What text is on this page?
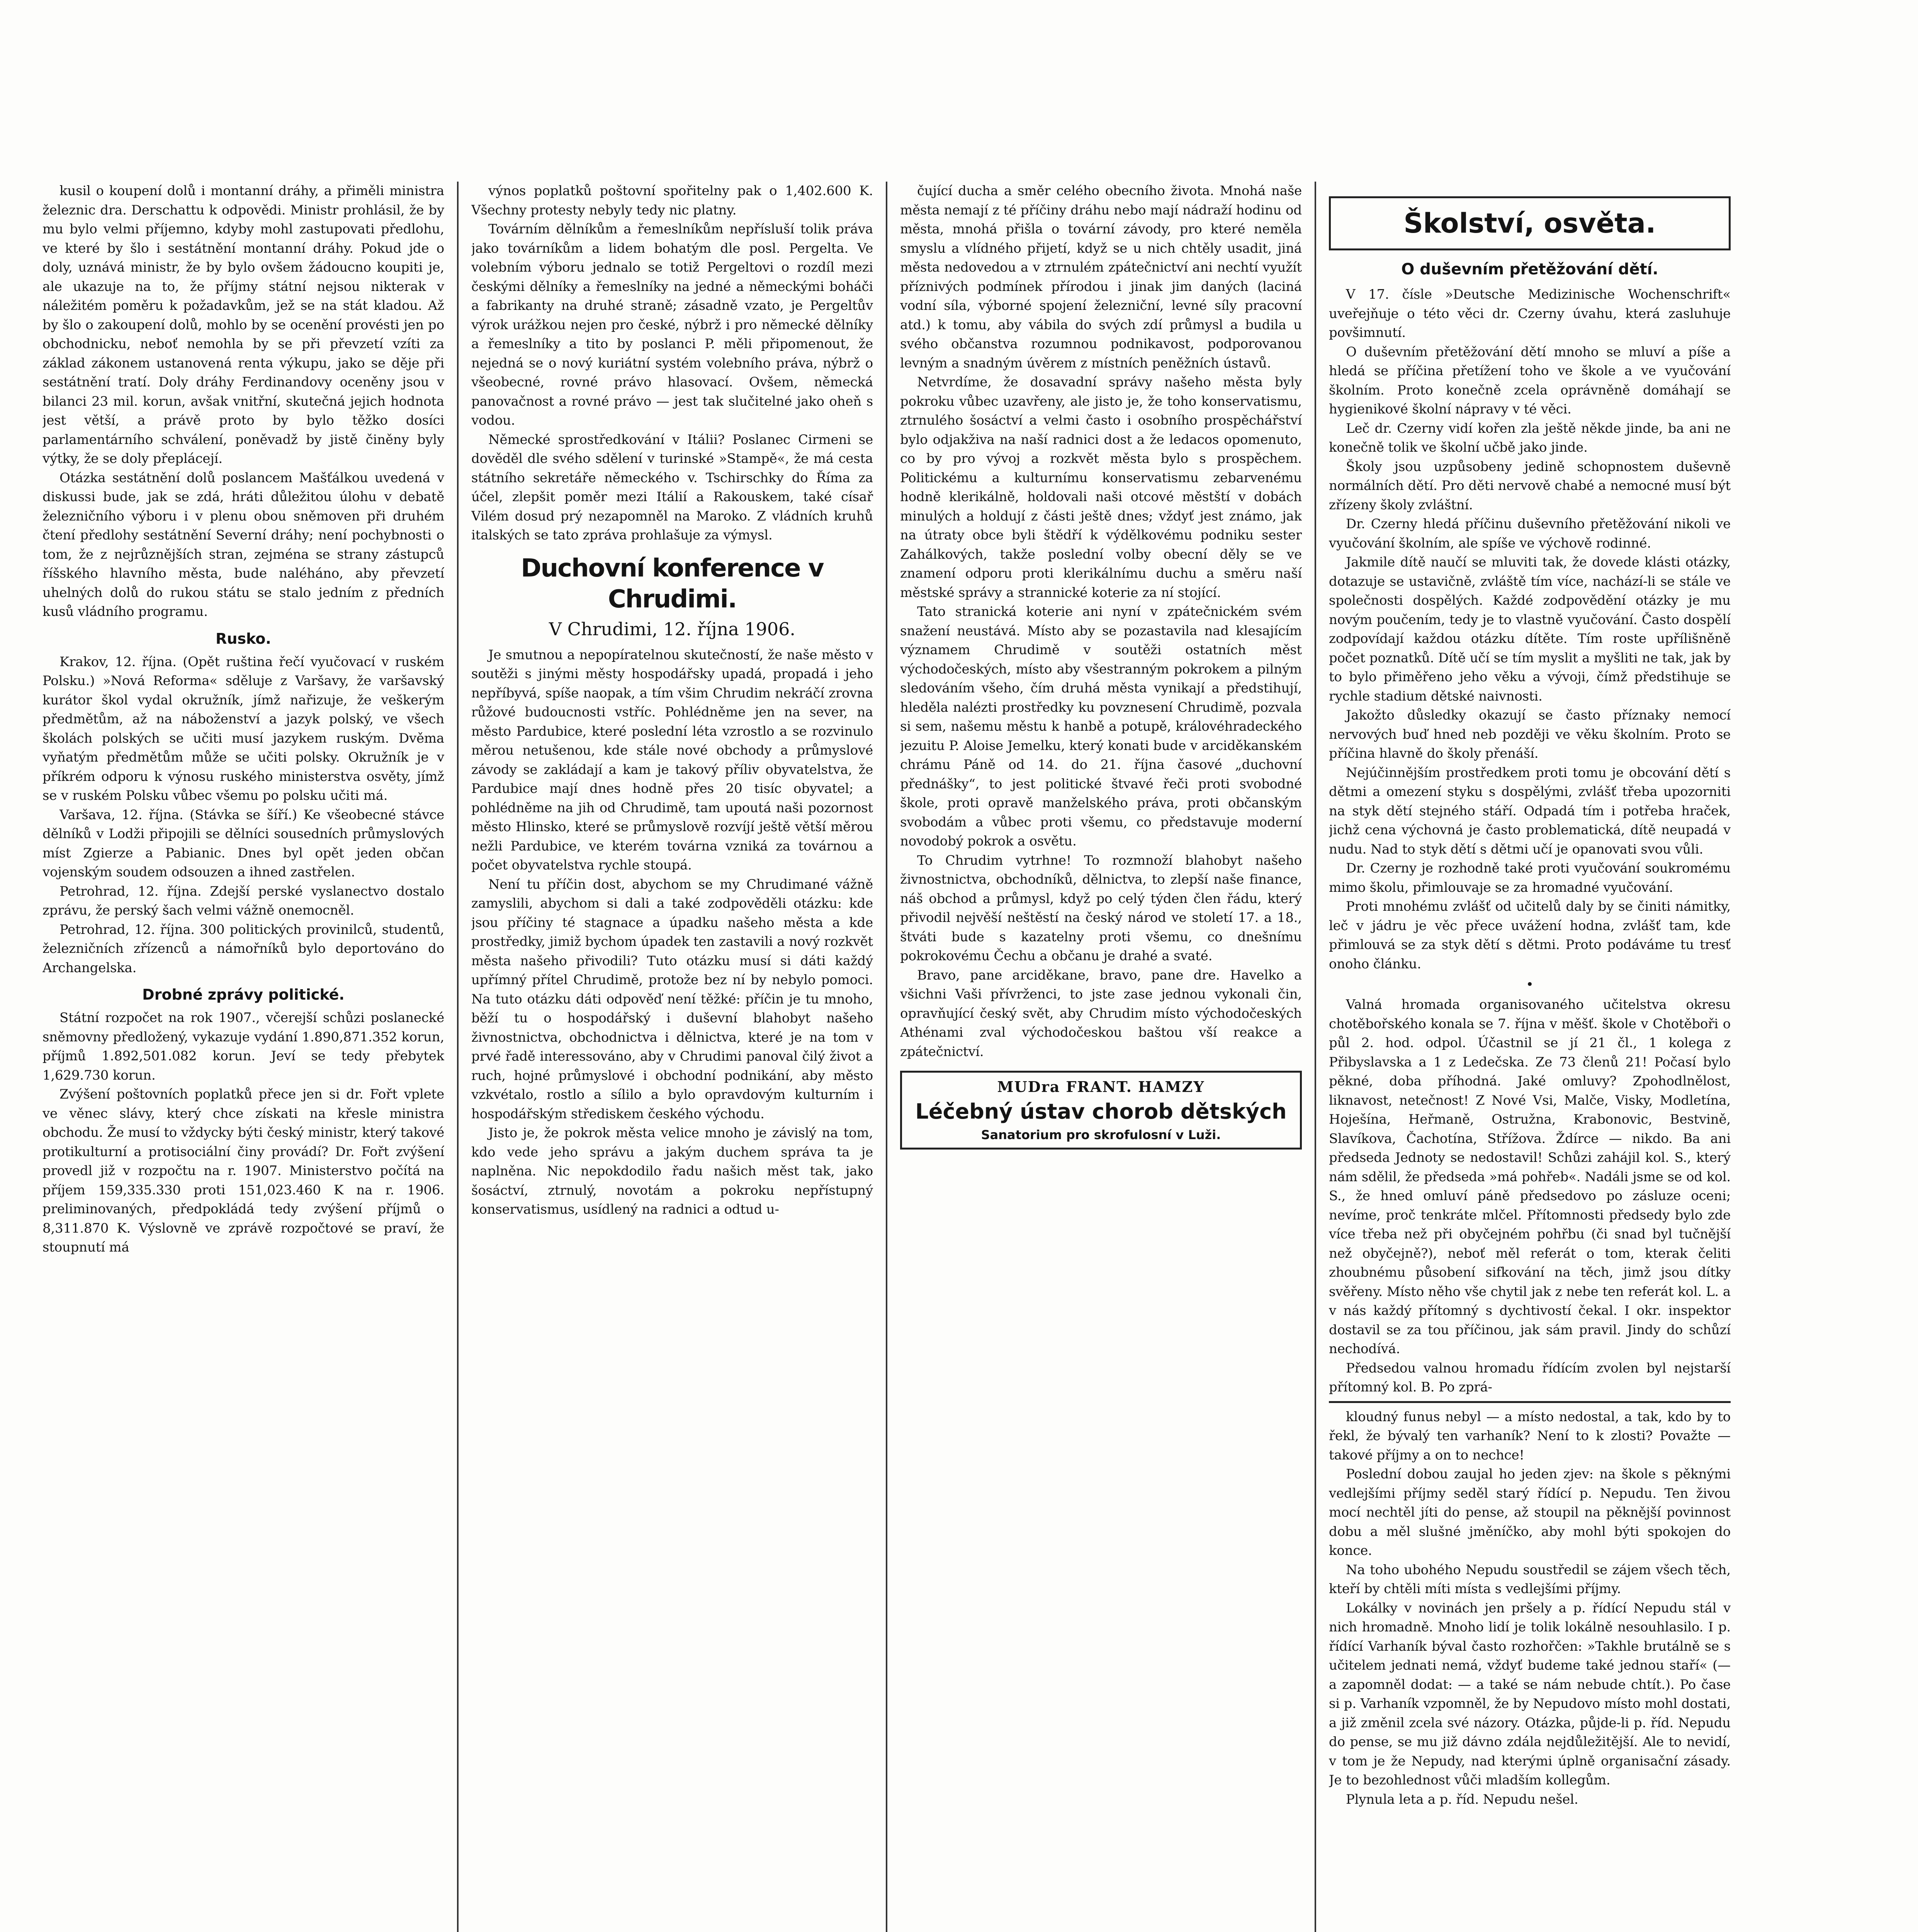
kusil o koupení dolů i montanní dráhy, a přiměli ministra železnic dra. Derschattu k odpovědi. Ministr prohlásil, že by mu bylo velmi příjemno, kdyby mohl zastupovati předlohu, ve které by šlo i sestátnění montanní dráhy. Pokud jde o doly, uznává ministr, že by bylo ovšem žádoucno koupiti je, ale ukazuje na to, že příjmy státní nejsou nikterak v náležitém poměru k požadavkům, jež se na stát kladou. Až by šlo o zakoupení dolů, mohlo by se ocenění provésti jen po obchodnicku, neboť nemohla by se při převzetí vzíti za základ zákonem ustanovená renta výkupu, jako se děje při sestátnění tratí. Doly dráhy Ferdinandovy oceněny jsou v bilanci 23 mil. korun, avšak vnitřní, skutečná jejich hodnota jest větší, a právě proto by bylo těžko dosíci parlamentárního schválení, poněvadž by jistě činěny byly výtky, že se doly přeplácejí.

Otázka sestátnění dolů poslancem Mašťálkou uvedená v diskussi bude, jak se zdá, hráti důležitou úlohu v debatě železničního výboru i v plenu obou sněmoven při druhém čtení předlohy sestátnění Severní dráhy; není pochybnosti o tom, že z nejrůznějších stran, zejména se strany zástupců říšského hlavního města, bude naléháno, aby převzetí uhelných dolů do rukou státu se stalo jedním z předních kusů vládního programu.

Rusko.

Krakov, 12. října. (Opět ruština řečí vyučovací v ruském Polsku.) »Nová Reforma« sděluje z Varšavy, že varšavský kurátor škol vydal okružník, jímž nařizuje, že veškerým předmětům, až na náboženství a jazyk polský, ve všech školách polských se učiti musí jazykem ruským. Dvěma vyňatým předmětům může se učiti polsky. Okružník je v příkrém odporu k výnosu ruského ministerstva osvěty, jímž se v ruském Polsku vůbec všemu po polsku učiti má.

Varšava, 12. října. (Stávka se šíří.) Ke všeobecné stávce dělníků v Lodži připojili se dělníci sousedních průmyslových míst Zgierze a Pabianic. Dnes byl opět jeden občan vojenským soudem odsouzen a ihned zastřelen.

Petrohrad, 12. října. Zdejší perské vyslanectvo dostalo zprávu, že perský šach velmi vážně onemocněl.

Petrohrad, 12. října. 300 politických provinilců, studentů, železničních zřízenců a námořníků bylo deportováno do Archangelska.

Drobné zprávy politické.

Státní rozpočet na rok 1907., včerejší schůzi poslanecké sněmovny předložený, vykazuje vydání 1.890,871.352 korun, příjmů 1.892,501.082 korun. Jeví se tedy přebytek 1,629.730 korun.

Zvýšení poštovních poplatků přece jen si dr. Fořt vplete ve věnec slávy, který chce získati na křesle ministra obchodu. Že musí to vždycky býti český ministr, který takové protikulturní a protisociální činy provádí? Dr. Fořt zvýšení provedl již v rozpočtu na r. 1907. Ministerstvo počítá na příjem 159,335.330 proti 151,023.460 K na r. 1906. preliminovaných, předpokládá tedy zvýšení příjmů o 8,311.870 K. Výslovně ve zprávě rozpočtové se praví, že stoupnutí má

výnos poplatků poštovní spořitelny pak o 1,402.600 K. Všechny protesty nebyly tedy nic platny.

Továrním dělníkům a řemeslníkům nepřísluší tolik práva jako továrníkům a lidem bohatým dle posl. Pergelta. Ve volebním výboru jednalo se totiž Pergeltovi o rozdíl mezi českými dělníky a řemeslníky na jedné a německými boháči a fabrikanty na druhé straně; zásadně vzato, je Pergeltův výrok urážkou nejen pro české, nýbrž i pro německé dělníky a řemeslníky a tito by poslanci P. měli připomenout, že nejedná se o nový kuriátní systém volebního práva, nýbrž o všeobecné, rovné právo hlasovací. Ovšem, německá panovačnost a rovné právo — jest tak slučitelné jako oheň s vodou.

Německé sprostředkování v Itálii? Poslanec Cirmeni se dověděl dle svého sdělení v turinské »Stampě«, že má cesta státního sekretáře německého v. Tschirschky do Říma za účel, zlepšit poměr mezi Itálií a Rakouskem, také císař Vilém dosud prý nezapomněl na Maroko. Z vládních kruhů italských se tato zpráva prohlašuje za výmysl.

Duchovní konference v Chrudimi.
V Chrudimi, 12. října 1906.

Je smutnou a nepopíratelnou skutečností, že naše město v soutěži s jinými městy hospodářsky upadá, propadá i jeho nepříbyvá, spíše naopak, a tím všim Chrudim nekráčí zrovna růžové budoucnosti vstříc. Pohlédněme jen na sever, na město Pardubice, které poslední léta vzrostlo a se rozvinulo měrou netušenou, kde stále nové obchody a průmyslové závody se zakládají a kam je takový příliv obyvatelstva, že Pardubice mají dnes hodně přes 20 tisíc obyvatel; a pohlédněme na jih od Chrudimě, tam upoutá naši pozornost město Hlinsko, které se průmyslově rozvíjí ještě větší měrou nežli Pardubice, ve kterém továrna vzniká za továrnou a počet obyvatelstva rychle stoupá.

Není tu příčin dost, abychom se my Chrudimané vážně zamyslili, abychom si dali a také zodpověděli otázku: kde jsou příčiny té stagnace a úpadku našeho města a kde prostředky, jimiž bychom úpadek ten zastavili a nový rozkvět města našeho přivodili? Tuto otázku musí si dáti každý upřímný přítel Chrudimě, protože bez ní by nebylo pomoci. Na tuto otázku dáti odpověď není těžké: příčin je tu mnoho, běží tu o hospodářský i duševní blahobyt našeho živnostnictva, obchodnictva i dělnictva, které je na tom v prvé řadě interessováno, aby v Chrudimi panoval čilý život a ruch, hojné průmyslové i obchodní podnikání, aby město vzkvétalo, rostlo a sílilo a bylo opravdovým kulturním i hospodářským střediskem českého východu.

Jisto je, že pokrok města velice mnoho je závislý na tom, kdo vede jeho správu a jakým duchem správa ta je naplněna. Nic nepokdodilo řadu našich měst tak, jako šosáctví, ztrnulý, novotám a pokroku nepřístupný konservatismus, usídlený na radnici a odtud u-

čující ducha a směr celého obecního života. Mnohá naše města nemají z té příčiny dráhu nebo mají nádraží hodinu od města, mnohá přišla o tovární závody, pro které neměla smyslu a vlídného přijetí, když se u nich chtěly usadit, jiná města nedovedou a v ztrnulém zpátečnictví ani nechtí využít příznivých podmínek přírodou i jinak jim daných (laciná vodní síla, výborné spojení železniční, levné síly pracovní atd.) k tomu, aby vábila do svých zdí průmysl a budila u svého občanstva rozumnou podnikavost, podporovanou levným a snadným úvěrem z místních peněžních ústavů.

Netvrdíme, že dosavadní správy našeho města byly pokroku vůbec uzavřeny, ale jisto je, že toho konservatismu, ztrnulého šosáctví a velmi často i osobního prospěchářství bylo odjakživa na naší radnici dost a že ledacos opomenuto, co by pro vývoj a rozkvět města bylo s prospěchem. Politickému a kulturnímu konservatismu zebarvenému hodně klerikálně, holdovali naši otcové městští v dobách minulých a holdují z části ještě dnes; vždyť jest známo, jak na útraty obce byli štědří k výdělkovému podniku sester Zahálkových, takže poslední volby obecní děly se ve znamení odporu proti klerikálnímu duchu a směru naší městské správy a strannické koterie za ní stojící.

Tato stranická koterie ani nyní v zpátečnickém svém snažení neustává. Místo aby se pozastavila nad klesajícím významem Chrudimě v soutěži ostatních měst východočeských, místo aby všestranným pokrokem a pilným sledováním všeho, čím druhá města vynikají a předstihují, hleděla nalézti prostředky ku povznesení Chrudimě, pozvala si sem, našemu městu k hanbě a potupě, královéhradeckého jezuitu P. Aloise Jemelku, který konati bude v arciděkanském chrámu Páně od 14. do 21. října časové „duchovní přednášky“, to jest politické štvavé řeči proti svobodné škole, proti opravě manželského práva, proti občanským svobodám a vůbec proti všemu, co představuje moderní novodobý pokrok a osvětu.

To Chrudim vytrhne! To rozmnoží blahobyt našeho živnostnictva, obchodníků, dělnictva, to zlepší naše finance, náš obchod a průmysl, když po celý týden člen řádu, který přivodil nejvěší neštěstí na český národ ve století 17. a 18., štváti bude s kazatelny proti všemu, co dnešnímu pokrokovému Čechu a občanu je drahé a svaté.

Bravo, pane arciděkane, bravo, pane dre. Havelko a všichni Vaši přívrženci, to jste zase jednou vykonali čin, opravňující český svět, aby Chrudim místo východočeských Athénami zval východočeskou baštou vší reakce a zpátečnictví.

MUDra FRANT. HAMZY
Léčebný ústav chorob dětských
Sanatorium pro skrofulosní v Luži.

Školství, osvěta.
O duševním přetěžování dětí.

V 17. čísle »Deutsche Medizinische Wochenschrift« uveřejňuje o této věci dr. Czerny úvahu, která zasluhuje povšimnutí.

O duševním přetěžování dětí mnoho se mluví a píše a hledá se příčina přetížení toho ve škole a ve vyučování školním. Proto konečně zcela oprávněně domáhají se hygienikové školní nápravy v té věci.

Leč dr. Czerny vidí kořen zla ještě někde jinde, ba ani ne konečně tolik ve školní učbě jako jinde.

Školy jsou uzpůsobeny jedině schopnostem duševně normálních dětí. Pro děti nervově chabé a nemocné musí být zřízeny školy zvláštní.

Dr. Czerny hledá příčinu duševního přetěžování nikoli ve vyučování školním, ale spíše ve výchově rodinné.

Jakmile dítě naučí se mluviti tak, že dovede klásti otázky, dotazuje se ustavičně, zvláště tím více, nachází-li se stále ve společnosti dospělých. Každé zodpovědění otázky je mu novým poučením, tedy je to vlastně vyučování. Často dospělí zodpovídají každou otázku dítěte. Tím roste upřílišněně počet poznatků. Dítě učí se tím myslit a myšliti ne tak, jak by to bylo přiměřeno jeho věku a vývoji, čímž předstihuje se rychle stadium dětské naivnosti.

Jakožto důsledky okazují se často příznaky nemocí nervových buď hned neb později ve věku školním. Proto se příčina hlavně do školy přenáší.

Nejúčinnějším prostředkem proti tomu je obcování dětí s dětmi a omezení styku s dospělými, zvlášť třeba upozorniti na styk dětí stejného stáří. Odpadá tím i potřeba hraček, jichž cena výchovná je často problematická, dítě neupadá v nudu. Nad to styk dětí s dětmi učí je opanovati svou vůli.

Dr. Czerny je rozhodně také proti vyučování soukromému mimo školu, přimlouvaje se za hromadné vyučování.

Proti mnohému zvlášť od učitelů daly by se činiti námitky, leč v jádru je věc přece uvážení hodna, zvlášť tam, kde přimlouvá se za styk dětí s dětmi. Proto podáváme tu tresť onoho článku.

•

Valná hromada organisovaného učitelstva okresu chotěbořského konala se 7. října v měšť. škole v Chotěboři o půl 2. hod. odpol. Účastnil se jí 21 čl., 1 kolega z Přibyslavska a 1 z Ledečska. Ze 73 členů 21! Počasí bylo pěkné, doba příhodná. Jaké omluvy? Zpohodlnělost, liknavost, netečnost! Z Nové Vsi, Malče, Visky, Modletína, Hoješína, Heřmaně, Ostružna, Krabonovic, Bestvině, Slavíkova, Čachotína, Střížova. Ždírce — nikdo. Ba ani předseda Jednoty se nedostavil! Schůzi zahájil kol. S., který nám sdělil, že předseda »má pohřeb«. Nadáli jsme se od kol. S., že hned omluví páně předsedovo po zásluze oceni; nevíme, proč tenkráte mlčel. Přítomnosti předsedy bylo zde více třeba než při obyčejném pohřbu (či snad byl tučnější než obyčejně?), neboť měl referát o tom, kterak čeliti zhoubnému působení sifkování na těch, jimž jsou dítky svěřeny. Místo něho vše chytil jak z nebe ten referát kol. L. a v nás každý přítomný s dychtivostí čekal. I okr. inspektor dostavil se za tou příčinou, jak sám pravil. Jindy do schůzí nechodívá.

Předsedou valnou hromadu řídícím zvolen byl nejstarší přítomný kol. B. Po zprá-

kloudný funus nebyl — a místo nedostal, a tak, kdo by to řekl, že bývalý ten varhaník? Není to k zlosti? Považte — takové příjmy a on to nechce!

Poslední dobou zaujal ho jeden zjev: na škole s pěknými vedlejšími příjmy seděl starý řídící p. Nepudu. Ten živou mocí nechtěl jíti do pense, až stoupil na pěknější povinnost dobu a měl slušné jměníčko, aby mohl býti spokojen do konce.

Na toho ubohého Nepudu soustředil se zájem všech těch, kteří by chtěli míti místa s vedlejšími příjmy.

Lokálky v novinách jen pršely a p. řídící Nepudu stál v nich hromadně. Mnoho lidí je tolik lokálně nesouhlasilo. I p. řídící Varhaník býval často rozhořčen: »Takhle brutálně se s učitelem jednati nemá, vždyť budeme také jednou staří« (— a zapomněl dodat: — a také se nám nebude chtít.). Po čase si p. Varhaník vzpomněl, že by Nepudovo místo mohl dostati, a již změnil zcela své názory. Otázka, půjde-li p. říd. Nepudu do pense, se mu již dávno zdála nejdůležitější. Ale to nevidí, v tom je že Nepudy, nad kterými úplně organisační zásady. Je to bezohlednost vůči mladším kollegům.

Plynula leta a p. říd. Nepudu nešel.
